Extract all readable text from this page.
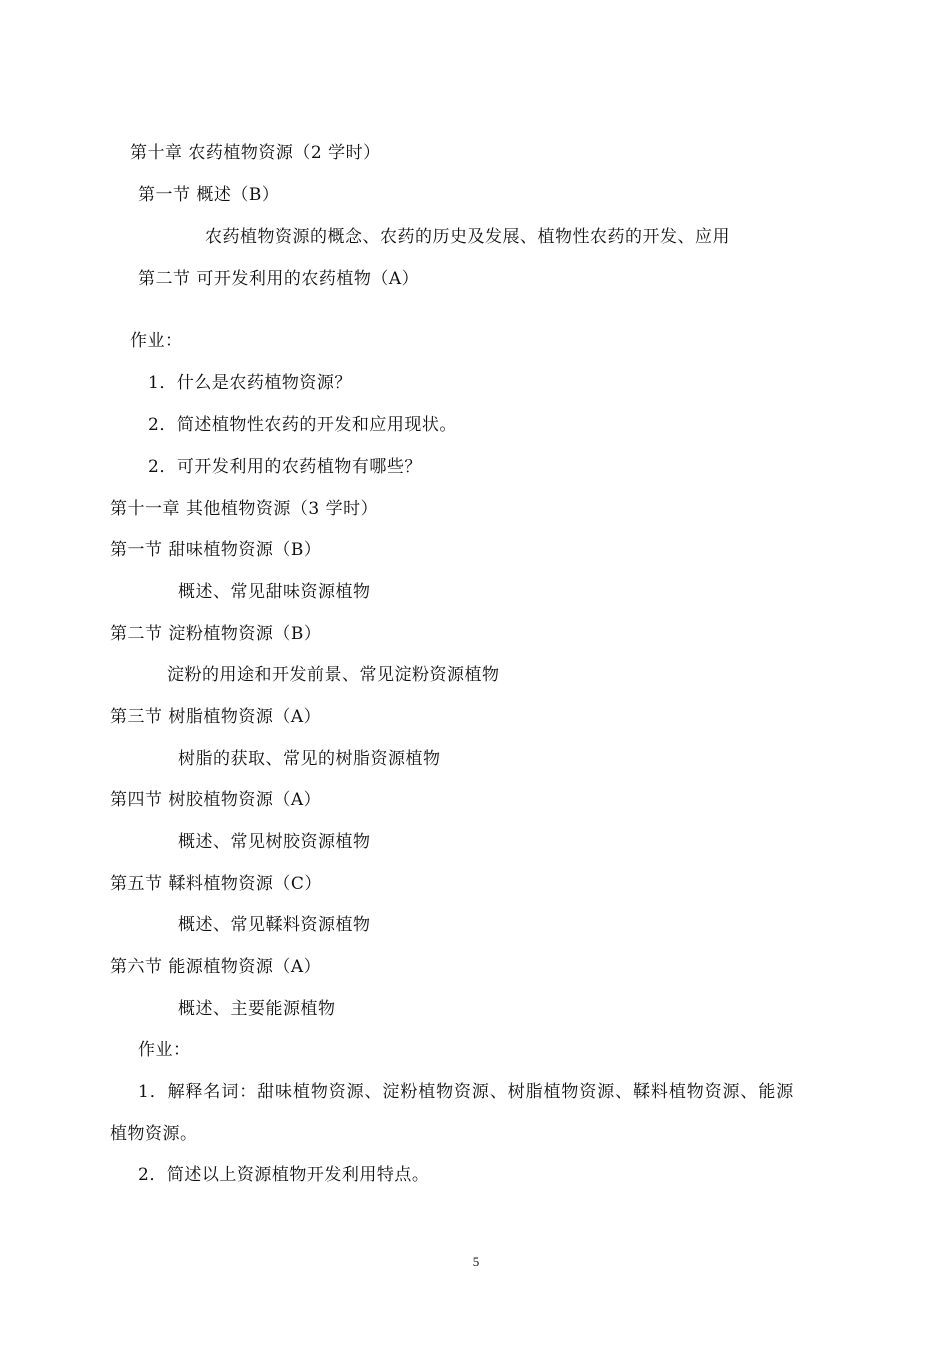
第十章 农药植物资源（2 学时）
第一节 概述（B）
农药植物资源的概念、农药的历史及发展、植物性农药的开发、应用
第二节 可开发利用的农药植物（A）
作业：
1．什么是农药植物资源？
2．简述植物性农药的开发和应用现状。
2．可开发利用的农药植物有哪些？
第十一章 其他植物资源（3 学时）
第一节 甜味植物资源（B）
概述、常见甜味资源植物
第二节 淀粉植物资源（B）
淀粉的用途和开发前景、常见淀粉资源植物
第三节 树脂植物资源（A）
树脂的获取、常见的树脂资源植物
第四节 树胶植物资源（A）
概述、常见树胶资源植物
第五节 鞣料植物资源（C）
概述、常见鞣料资源植物
第六节 能源植物资源（A）
概述、主要能源植物
作业：
1．解释名词：甜味植物资源、淀粉植物资源、树脂植物资源、鞣料植物资源、能源
植物资源。
2．简述以上资源植物开发利用特点。
5
